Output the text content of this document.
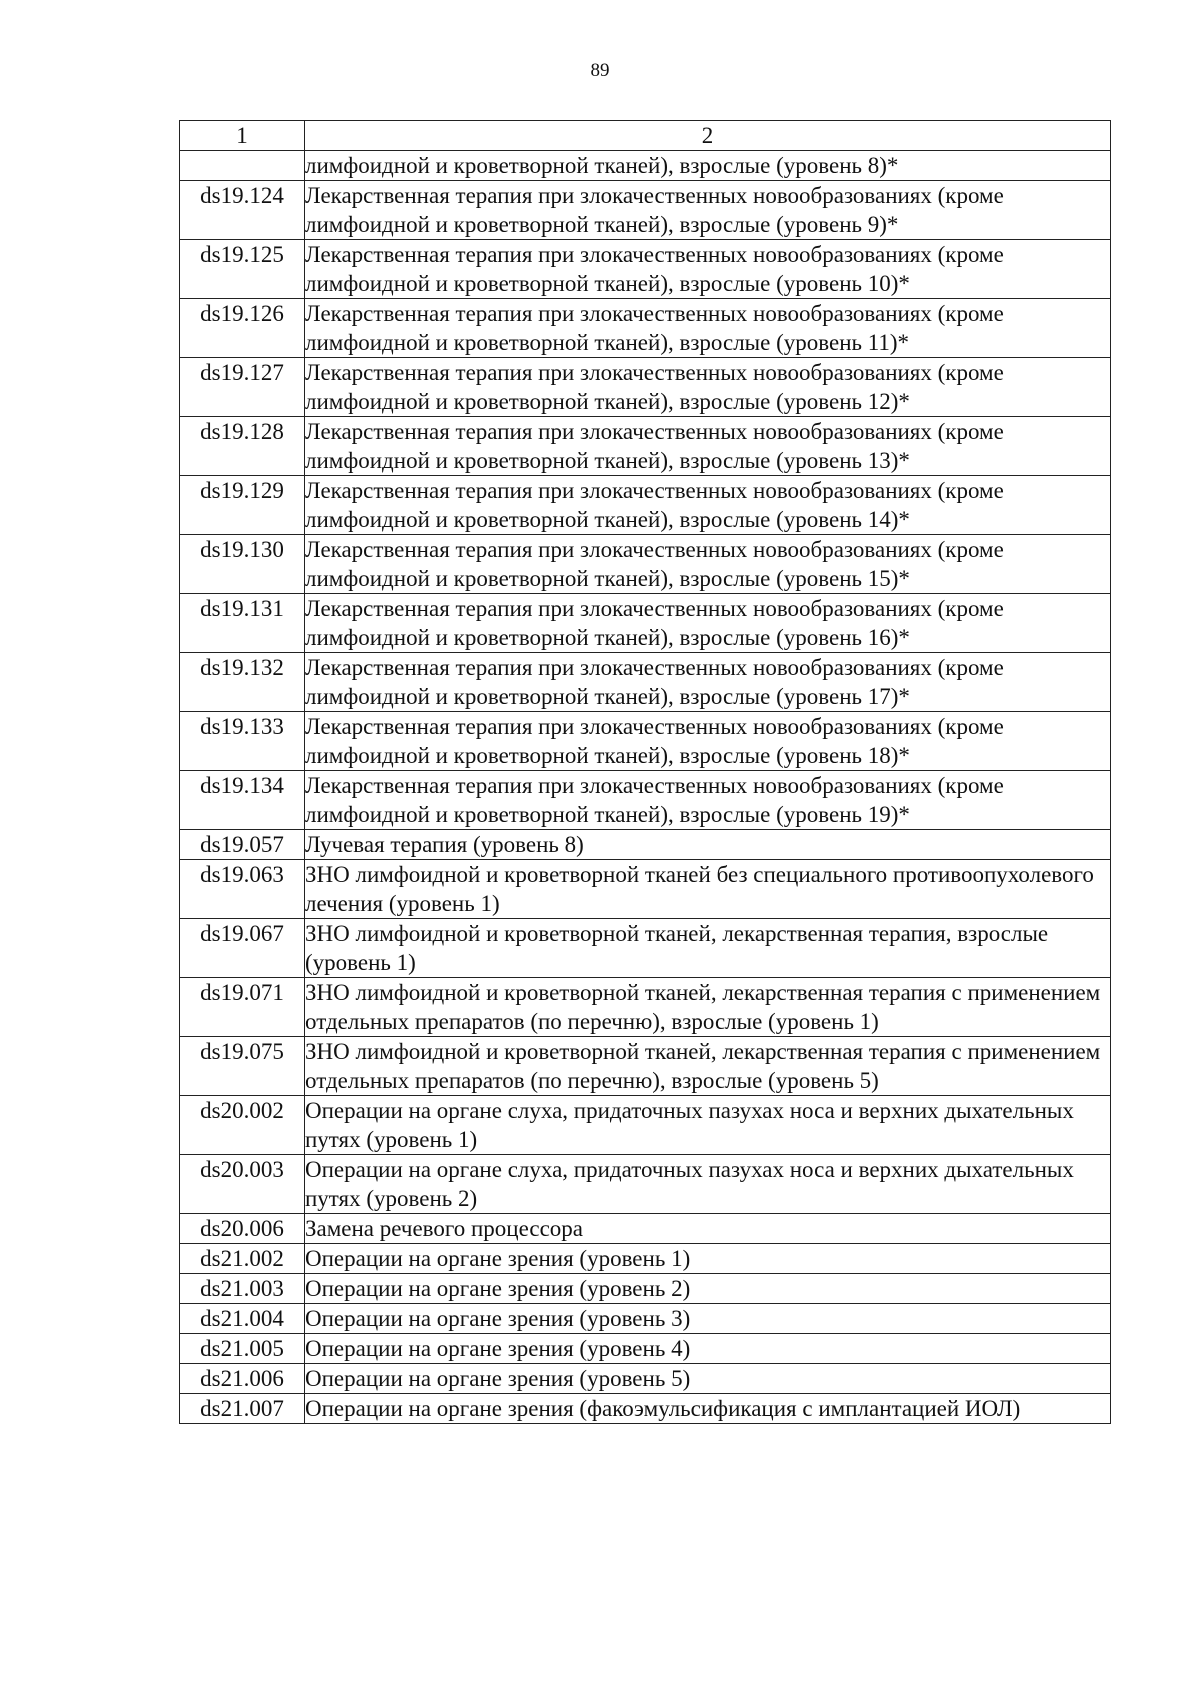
89
1	2
	лимфоидной и кроветворной тканей), взрослые (уровень 8)*
ds19.124	Лекарственная терапия при злокачественных новообразованиях (кроме лимфоидной и кроветворной тканей), взрослые (уровень 9)*
ds19.125	Лекарственная терапия при злокачественных новообразованиях (кроме лимфоидной и кроветворной тканей), взрослые (уровень 10)*
ds19.126	Лекарственная терапия при злокачественных новообразованиях (кроме лимфоидной и кроветворной тканей), взрослые (уровень 11)*
ds19.127	Лекарственная терапия при злокачественных новообразованиях (кроме лимфоидной и кроветворной тканей), взрослые (уровень 12)*
ds19.128	Лекарственная терапия при злокачественных новообразованиях (кроме лимфоидной и кроветворной тканей), взрослые (уровень 13)*
ds19.129	Лекарственная терапия при злокачественных новообразованиях (кроме лимфоидной и кроветворной тканей), взрослые (уровень 14)*
ds19.130	Лекарственная терапия при злокачественных новообразованиях (кроме лимфоидной и кроветворной тканей), взрослые (уровень 15)*
ds19.131	Лекарственная терапия при злокачественных новообразованиях (кроме лимфоидной и кроветворной тканей), взрослые (уровень 16)*
ds19.132	Лекарственная терапия при злокачественных новообразованиях (кроме лимфоидной и кроветворной тканей), взрослые (уровень 17)*
ds19.133	Лекарственная терапия при злокачественных новообразованиях (кроме лимфоидной и кроветворной тканей), взрослые (уровень 18)*
ds19.134	Лекарственная терапия при злокачественных новообразованиях (кроме лимфоидной и кроветворной тканей), взрослые (уровень 19)*
ds19.057	Лучевая терапия (уровень 8)
ds19.063	ЗНО лимфоидной и кроветворной тканей без специального противоопухолевого лечения (уровень 1)
ds19.067	ЗНО лимфоидной и кроветворной тканей, лекарственная терапия, взрослые (уровень 1)
ds19.071	ЗНО лимфоидной и кроветворной тканей, лекарственная терапия с применением отдельных препаратов (по перечню), взрослые (уровень 1)
ds19.075	ЗНО лимфоидной и кроветворной тканей, лекарственная терапия с применением отдельных препаратов (по перечню), взрослые (уровень 5)
ds20.002	Операции на органе слуха, придаточных пазухах носа и верхних дыхательных путях (уровень 1)
ds20.003	Операции на органе слуха, придаточных пазухах носа и верхних дыхательных путях (уровень 2)
ds20.006	Замена речевого процессора
ds21.002	Операции на органе зрения (уровень 1)
ds21.003	Операции на органе зрения (уровень 2)
ds21.004	Операции на органе зрения (уровень 3)
ds21.005	Операции на органе зрения (уровень 4)
ds21.006	Операции на органе зрения (уровень 5)
ds21.007	Операции на органе зрения (факоэмульсификация с имплантацией ИОЛ)
